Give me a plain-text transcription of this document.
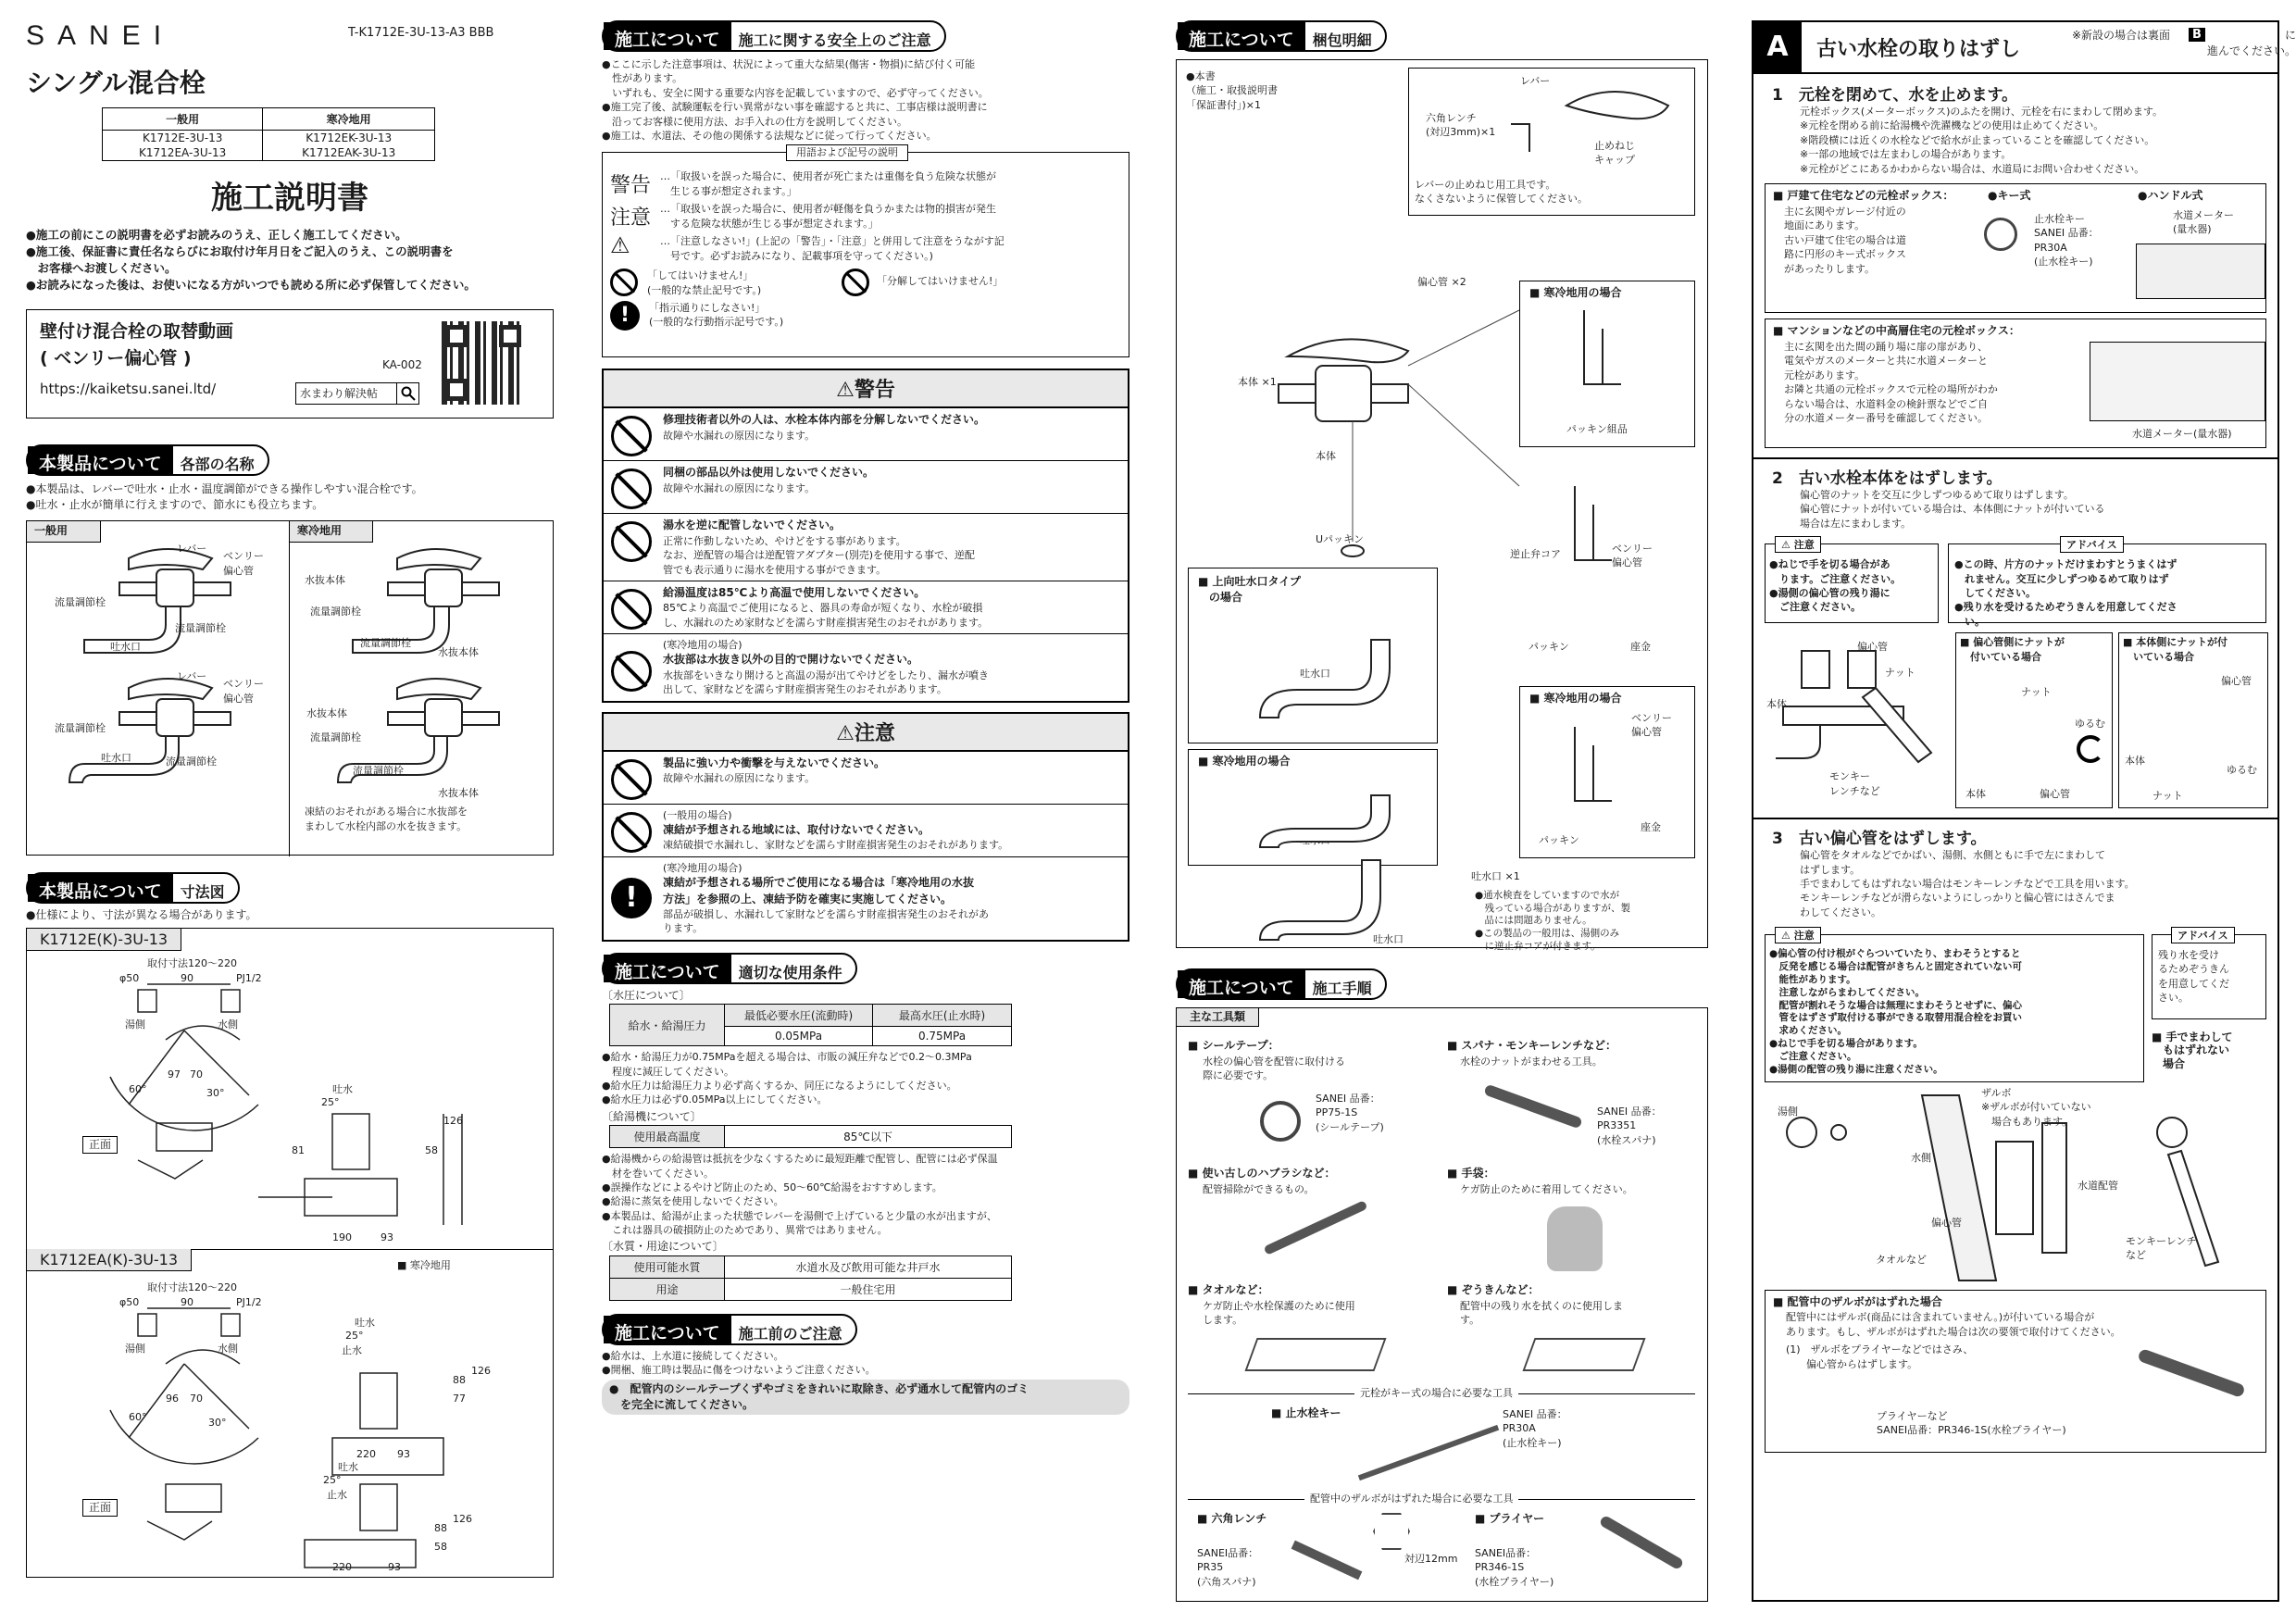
SANEI	T-K1712E-3U-13-A3 BBB
シングル混合栓
一般用	寒冷地用
K1712E-3U-13	K1712EK-3U-13
K1712EA-3U-13	K1712EAK-3U-13
施工説明書
●施工の前にこの説明書を必ずお読みのうえ、正しく施工してください。
●施工後、保証書に責任名ならびにお取付け年月日をご記入のうえ、この説明書を
　お客様へお渡しください。
●お読みになった後は、お使いになる方がいつでも読める所に必ず保管してください。
壁付け混合栓の取替動画
( ベンリー偏心管 )
https://kaiketsu.sanei.ltd/
KA-002
水まわり解決帖
本製品について	各部の名称
●本製品は、レバーで吐水・止水・温度調節ができる操作しやすい混合栓です。
●吐水・止水が簡単に行えますので、節水にも役立ちます。
一般用	寒冷地用
レバー
ベンリー
偏心管
流量調節栓
流量調節栓
吐水口
レバー
ベンリー
偏心管
流量調節栓
吐水口	流量調節栓
水抜本体
流量調節栓
流量調節栓
水抜本体
水抜本体
流量調節栓
流量調節栓
水抜本体
凍結のおそれがある場合に水抜部を
まわして水栓内部の水を抜きます。
本製品について	寸法図
●仕様により、寸法が異なる場合があります。
K1712E(K)-3U-13
K1712EA(K)-3U-13
取付寸法120～220
φ50	90	PJ1/2
湯側	水側
60°
97 70
30°
正面
25°
吐水
81	58
126
190	93
取付寸法120～220
φ50	90	PJ1/2
湯側	水側
96 70
60°	30°
■ 寒冷地用
25°
吐水
止水
126
88
77
220 93
正面
25°
吐水
止水
126
88
58
220	93
施工について	施工に関する安全上のご注意
●ここに示した注意事項は、状況によって重大な結果(傷害・物損)に結び付く可能
　性があります。
　いずれも、安全に関する重要な内容を記載していますので、必ず守ってください。
●施工完了後、試験運転を行い異常がない事を確認すると共に、工事店様は説明書に
　沿ってお客様に使用方法、お手入れの仕方を説明してください。
●施工は、水道法、その他の関係する法規などに従って行ってください。
用語および記号の説明
警告 …「取扱いを誤った場合に、使用者が死亡または重傷を負う危険な状態が
　生じる事が想定されます。」
注意 …「取扱いを誤った場合に、使用者が軽傷を負うかまたは物的損害が発生
　する危険な状態が生じる事が想定されます。」
⚠	…「注意しなさい!」(上記の「警告」・「注意」と併用して注意をうながす記
　号です。必ずお読みになり、記載事項を守ってください。)
「してはいけません!」
(一般的な禁止記号です。)
「分解してはいけません!」
!	「指示通りにしなさい!」
(一般的な行動指示記号です。)
⚠警告
修理技術者以外の人は、水栓本体内部を分解しないでください。
故障や水漏れの原因になります。
同梱の部品以外は使用しないでください。
故障や水漏れの原因になります。
湯水を逆に配管しないでください。
正常に作動しないため、やけどをする事があります。
なお、逆配管の場合は逆配管アダプター(別売)を使用する事で、逆配
管でも表示通りに湯水を使用する事ができます。
給湯温度は85℃より高温で使用しないでください。
85℃より高温でご使用になると、器具の寿命が短くなり、水栓が破損
し、水漏れのため家財などを濡らす財産損害発生のおそれがあります。
(寒冷地用の場合)
水抜部は水抜き以外の目的で開けないでください。
水抜部をいきなり開けると高温の湯が出てやけどをしたり、漏水が噴き
出して、家財などを濡らす財産損害発生のおそれがあります。
⚠注意
製品に強い力や衝撃を与えないでください。
故障や水漏れの原因になります。
(一般用の場合)
凍結が予想される地域には、取付けないでください。
凍結破損で水漏れし、家財などを濡らす財産損害発生のおそれがあります。
!
(寒冷地用の場合)
凍結が予想される場所でご使用になる場合は「寒冷地用の水抜
方法」を参照の上、凍結予防を確実に実施してください。
部品が破損し、水漏れして家財などを濡らす財産損害発生のおそれがあ
ります。
施工について	適切な使用条件
〔水圧について〕
給水・給湯圧力	最低必要水圧(流動時)	最高水圧(止水時)
	0.05MPa	0.75MPa
●給水・給湯圧力が0.75MPaを超える場合は、市販の減圧弁などで0.2～0.3MPa
　程度に減圧してください。
●給水圧力は給湯圧力より必ず高くするか、同圧になるようにしてください。
●給水圧力は必ず0.05MPa以上にしてください。
〔給湯機について〕
使用最高温度	85℃以下
●給湯機からの給湯管は抵抗を少なくするために最短距離で配管し、配管には必ず保温
　材を巻いてください。
●誤操作などによるやけど防止のため、50～60℃給湯をおすすめします。
●給湯に蒸気を使用しないでください。
●本製品は、給湯が止まった状態でレバーを湯側で上げていると少量の水が出ますが、
　これは器具の破損防止のためであり、異常ではありません。
〔水質・用途について〕
使用可能水質	水道水及び飲用可能な井戸水
用途	一般住宅用
施工について	施工前のご注意
●給水は、上水道に接続してください。
●開梱、施工時は製品に傷をつけないようご注意ください。
●　配管内のシールテープくずやゴミをきれいに取除き、必ず通水して配管内のゴミ
　を完全に流してください。
施工について	梱包明細
●本書
（施工・取扱説明書
「保証書付」)×1
レバー
六角レンチ
(対辺3mm)×1
止めねじ
キャップ
レバーの止めねじ用工具です。
なくさないように保管してください。
偏心管 ×2
本体 ×1
本体
Uパッキン
■ 上向吐水口タイプ
　の場合
吐水口
■ 寒冷地用の場合
吐水口
吐水口 ×1
■ 寒冷地用の場合
パッキン組品
逆止弁コア	ベンリー
偏心管
パッキン	座金
■ 寒冷地用の場合
ベンリー
偏心管
パッキン
座金
●通水検査をしていますので水が
　残っている場合がありますが、製
　品には問題ありません。
●この製品の一般用は、湯側のみ
　に逆止弁コアが付きます。
施工について	施工手順
主な工具類
■ シールテープ：
水栓の偏心管を配管に取付ける
際に必要です。
SANEI 品番：
PP75-1S
(シールテープ)
■ スパナ・モンキーレンチなど：
水栓のナットがまわせる工具。
SANEI 品番：
PR3351
(水栓スパナ)
■ 使い古しのハブラシなど：
配管掃除ができるもの。
■ 手袋：
ケガ防止のために着用してください。
■ タオルなど：
ケガ防止や水栓保護のために使用
します。
■ ぞうきんなど：
配管中の残り水を拭くのに使用しま
す。
元栓がキー式の場合に必要な工具
■ 止水栓キー	SANEI 品番：
PR30A
(止水栓キー)
配管中のザルボがはずれた場合に必要な工具
■ 六角レンチ
SANEI品番：
PR35
(六角スパナ)
対辺12mm
■ プライヤー
SANEI品番：
PR346-1S
(水栓プライヤー)
A	古い水栓の取りはずし
※新設の場合は裏面	B	に
進んでください。
1　元栓を閉めて、水を止めます。
元栓ボックス(メーターボックス)のふたを開け、元栓を右にまわして閉めます。
※元栓を閉める前に給湯機や洗濯機などの使用は止めてください。
※階段横には近くの水栓などで給水が止まっていることを確認してください。
※一部の地域では左まわしの場合があります。
※元栓がどこにあるかわからない場合は、水道局にお問い合わせください。
■ 戸建て住宅などの元栓ボックス：
主に玄関やガレージ付近の
地面にあります。
古い戸建て住宅の場合は道
路に円形のキー式ボックス
があったりします。
●キー式	●ハンドル式
止水栓キー
SANEI 品番：
PR30A
(止水栓キー)
水道メーター
(量水器)
■ マンションなどの中高層住宅の元栓ボックス：
主に玄関を出た間の踊り場に扉の扉があり、
電気やガスのメーターと共に水道メーターと
元栓があります。
お隣と共通の元栓ボックスで元栓の場所がわか
らない場合は、水道料金の検針票などでご自
分の水道メーター番号を確認してください。
水道メーター(量水器)
2　古い水栓本体をはずします。
偏心管のナットを交互に少しずつゆるめて取りはずします。
偏心管にナットが付いている場合は、本体側にナットが付いている
場合は左にまわします。
⚠ 注意
●ねじで手を切る場合があ
　ります。ご注意ください。
●湯側の偏心管の残り湯に
　ご注意ください。
アドバイス
●この時、片方のナットだけまわすとうまくはず
　れません。交互に少しずつゆるめて取りはず
　してください。
●残り水を受けるためぞうきんを用意してくださ
　い。
偏心管
ナット
本体
モンキー
レンチなど
■ 偏心管側にナットが
　付いている場合
ナット
ゆるむ
本体	偏心管
■ 本体側にナットが付
　いている場合
偏心管
本体
ゆるむ
ナット
3　古い偏心管をはずします。
偏心管をタオルなどでかばい、湯側、水側ともに手で左にまわして
はずします。
手でまわしてもはずれない場合はモンキーレンチなどで工具を用います。
モンキーレンチなどが滑らないようにしっかりと偏心管にはさんでま
わしてください。
⚠ 注意
●偏心管の付け根がぐらついていたり、まわそうとすると
　反発を感じる場合は配管がきちんと固定されていない可
　能性があります。
　注意しながらまわしてください。
　配管が割れそうな場合は無理にまわそうとせずに、偏心
　管をはずさず取付ける事ができる取替用混合栓をお買い
　求めください。
●ねじで手を切る場合があります。
　ご注意ください。
●湯側の配管の残り湯に注意ください。
アドバイス
残り水を受け
るためぞうきん
を用意してくだ
さい。
■ 手でまわして
　もはずれない
　場合
ザルボ
※ザルボが付いていない
　場合もあります。
湯側
水側
水道配管
偏心管
タオルなど
モンキーレンチ
など
■ 配管中のザルボがはずれた場合
配管中にはザルボ(商品には含まれていません。)が付いている場合が
あります。もし、ザルボがはずれた場合は次の要領で取付けてください。
(1)　ザルボをプライヤーなどではさみ、
　　偏心管からはずします。
プライヤーなど
SANEI品番：PR346-1S(水栓プライヤー)
